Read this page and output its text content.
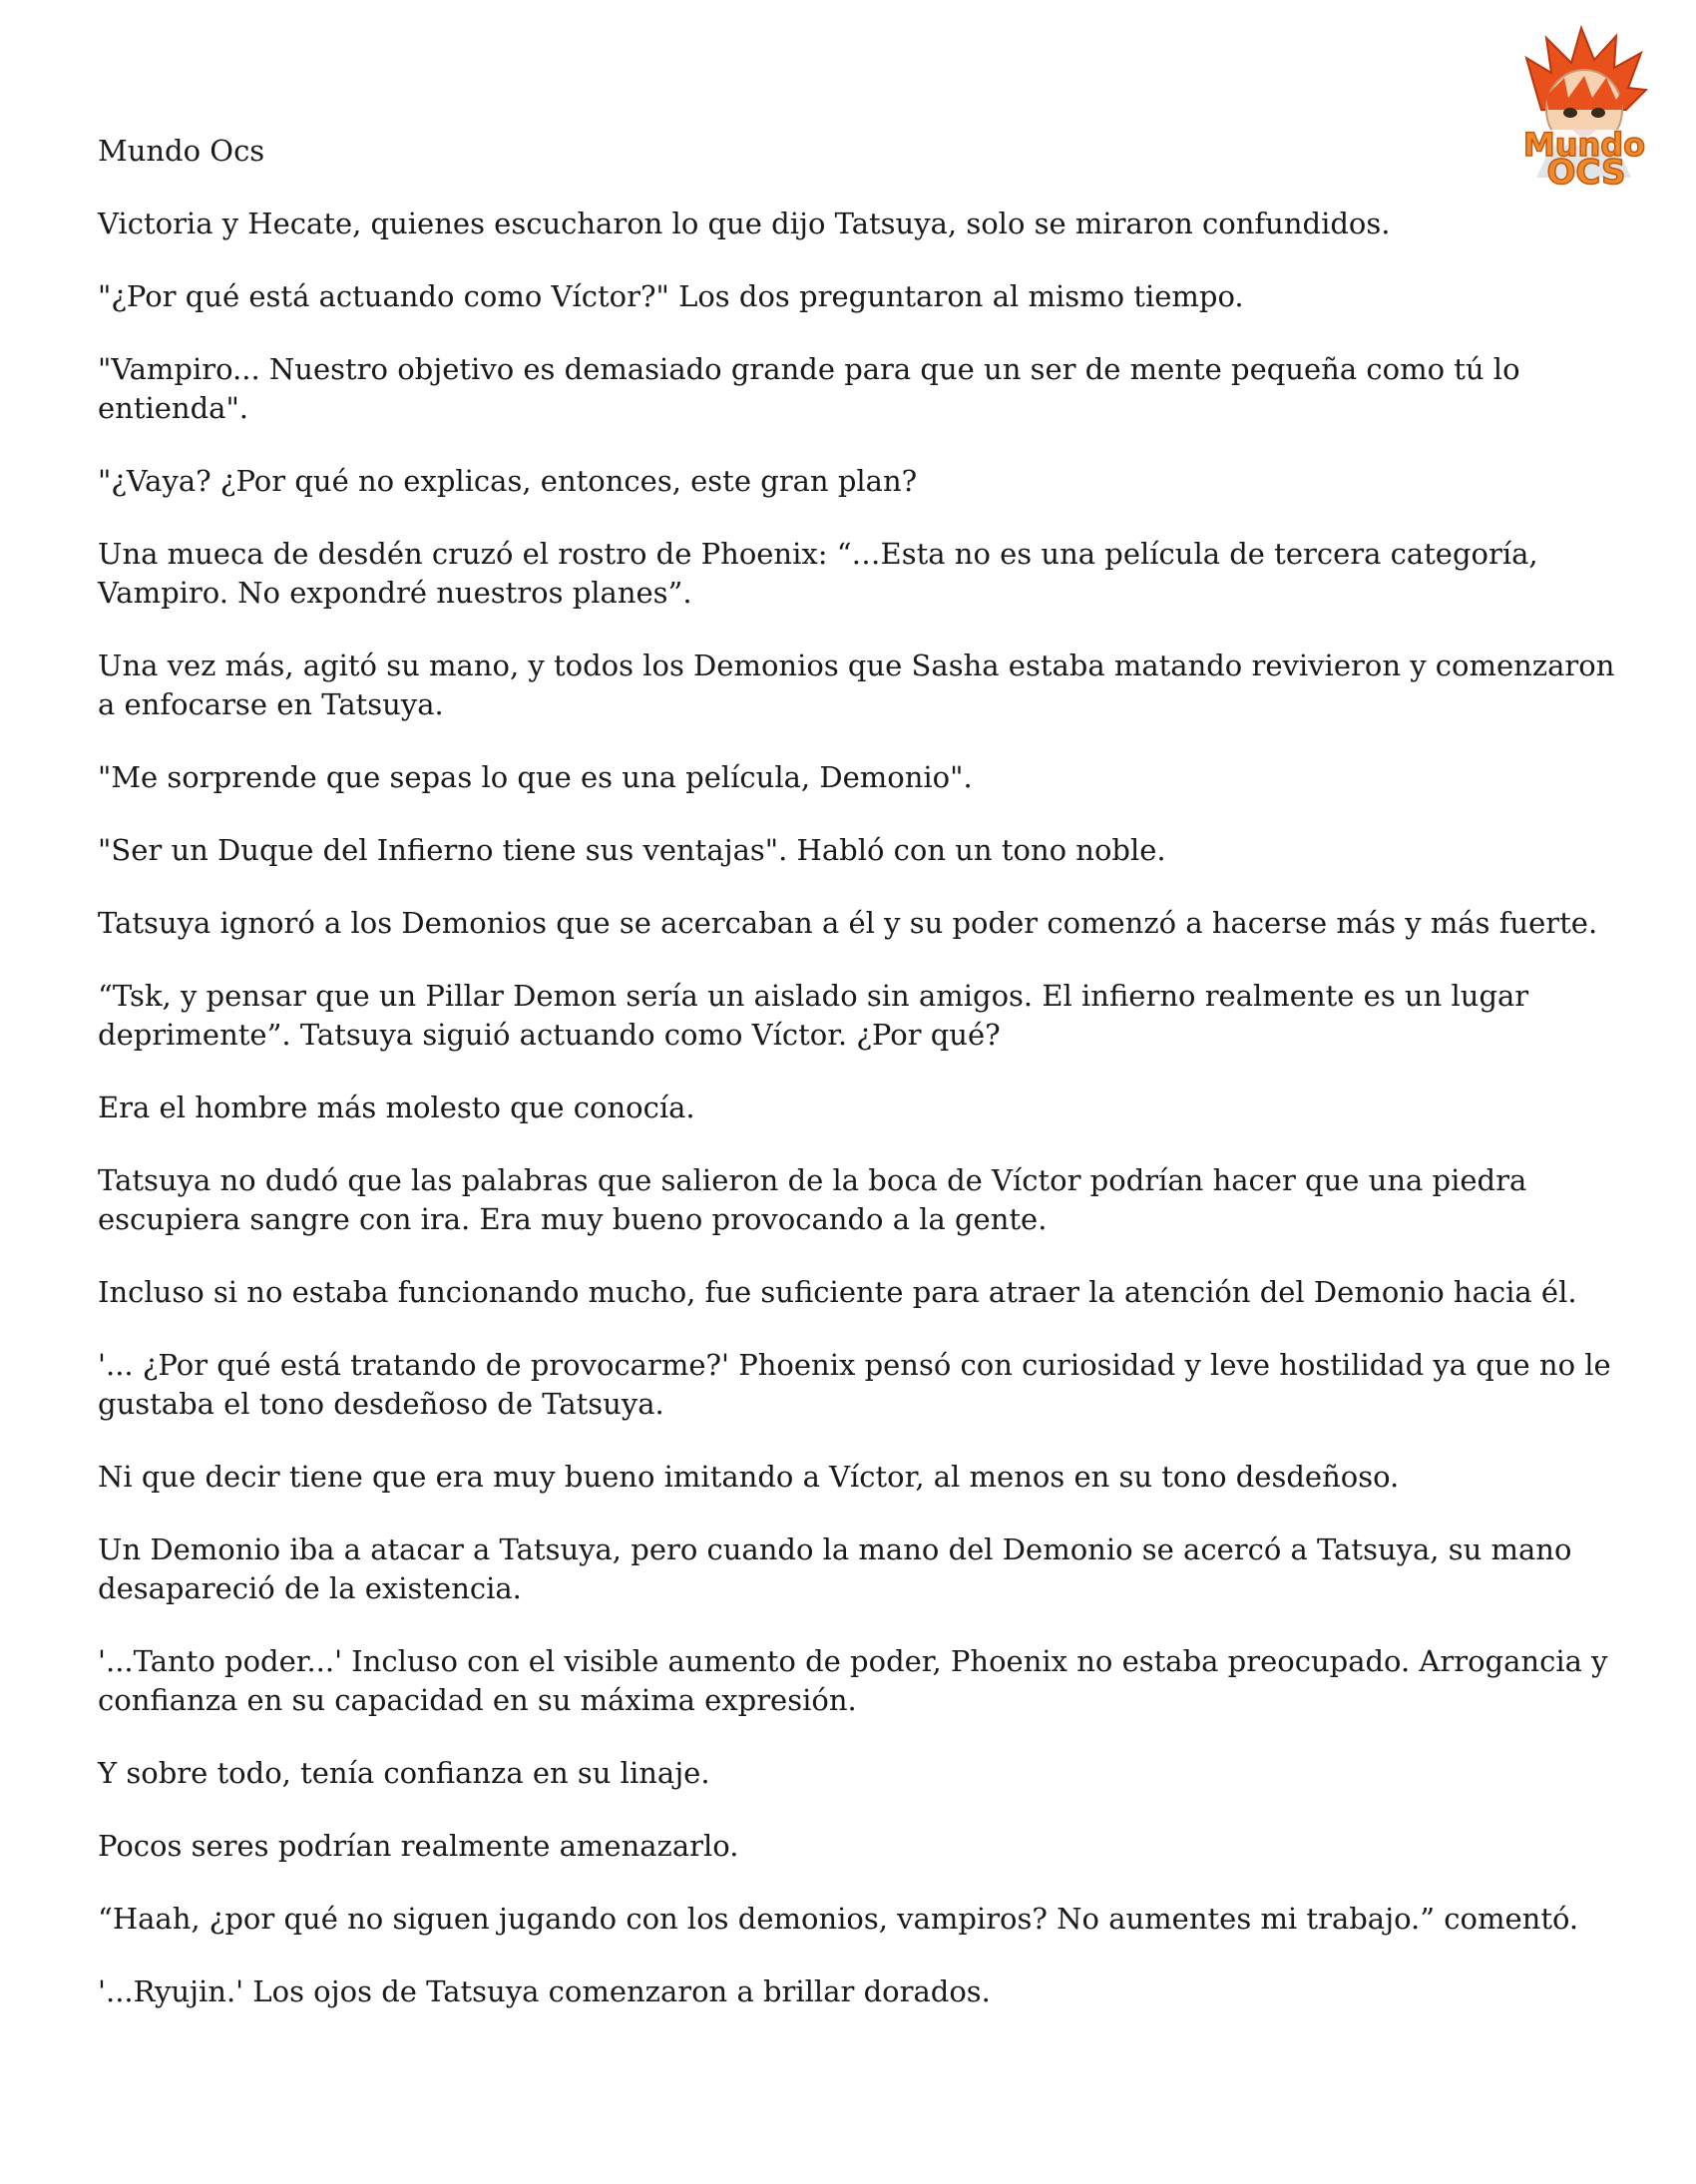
Mundo
OCS

Mundo Ocs

Victoria y Hecate, quienes escucharon lo que dijo Tatsuya, solo se miraron confundidos.

"¿Por qué está actuando como Víctor?" Los dos preguntaron al mismo tiempo.

"Vampiro... Nuestro objetivo es demasiado grande para que un ser de mente pequeña como tú lo entienda".

"¿Vaya? ¿Por qué no explicas, entonces, este gran plan?

Una mueca de desdén cruzó el rostro de Phoenix: “…Esta no es una película de tercera categoría, Vampiro. No expondré nuestros planes”.

Una vez más, agitó su mano, y todos los Demonios que Sasha estaba matando revivieron y comenzaron a enfocarse en Tatsuya.

"Me sorprende que sepas lo que es una película, Demonio".

"Ser un Duque del Infierno tiene sus ventajas". Habló con un tono noble.

Tatsuya ignoró a los Demonios que se acercaban a él y su poder comenzó a hacerse más y más fuerte.

“Tsk, y pensar que un Pillar Demon sería un aislado sin amigos. El infierno realmente es un lugar deprimente”. Tatsuya siguió actuando como Víctor. ¿Por qué?

Era el hombre más molesto que conocía.

Tatsuya no dudó que las palabras que salieron de la boca de Víctor podrían hacer que una piedra escupiera sangre con ira. Era muy bueno provocando a la gente.

Incluso si no estaba funcionando mucho, fue suficiente para atraer la atención del Demonio hacia él.

'... ¿Por qué está tratando de provocarme?' Phoenix pensó con curiosidad y leve hostilidad ya que no le gustaba el tono desdeñoso de Tatsuya.

Ni que decir tiene que era muy bueno imitando a Víctor, al menos en su tono desdeñoso.

Un Demonio iba a atacar a Tatsuya, pero cuando la mano del Demonio se acercó a Tatsuya, su mano desapareció de la existencia.

'...Tanto poder...' Incluso con el visible aumento de poder, Phoenix no estaba preocupado. Arrogancia y confianza en su capacidad en su máxima expresión.

Y sobre todo, tenía confianza en su linaje.

Pocos seres podrían realmente amenazarlo.

“Haah, ¿por qué no siguen jugando con los demonios, vampiros? No aumentes mi trabajo.” comentó.

'...Ryujin.' Los ojos de Tatsuya comenzaron a brillar dorados.
